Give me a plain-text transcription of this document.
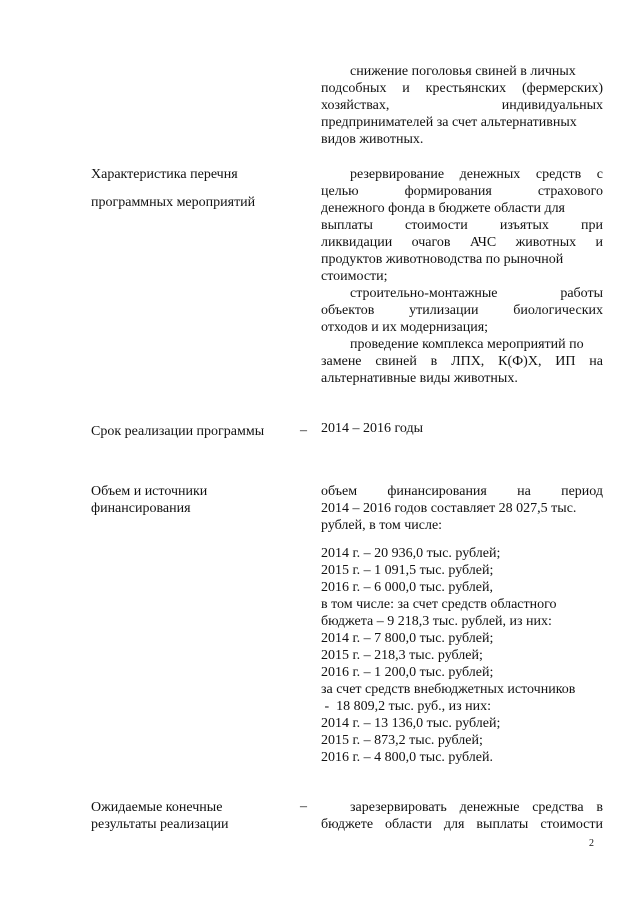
снижение поголовья свиней в личных
подсобных и крестьянских (фермерских)
хозяйствах, индивидуальных
предпринимателей за счет альтернативных
видов животных.
Характеристика перечня
программных мероприятий
резервирование денежных средств с
целью формирования страхового
денежного фонда в бюджете области для
выплаты стоимости изъятых при
ликвидации очагов АЧС животных и
продуктов животноводства по рыночной
стоимости;
строительно-монтажные работы
объектов утилизации биологических
отходов и их модернизация;
проведение комплекса мероприятий по
замене свиней в ЛПХ, К(Ф)Х, ИП на
альтернативные виды животных.
Срок реализации программы	– 2014 – 2016 годы
Объем и источники
финансирования
объем финансирования на период
2014 – 2016 годов составляет 28 027,5 тыс.
рублей, в том числе:
2014 г. – 20 936,0 тыс. рублей;
2015 г. – 1 091,5 тыс. рублей;
2016 г. – 6 000,0 тыс. рублей,
в том числе: за счет средств областного
бюджета – 9 218,3 тыс. рублей, из них:
2014 г. – 7 800,0 тыс. рублей;
2015 г. – 218,3 тыс. рублей;
2016 г. – 1 200,0 тыс. рублей;
за счет средств внебюджетных источников
-  18 809,2 тыс. руб., из них:
2014 г. – 13 136,0 тыс. рублей;
2015 г. – 873,2 тыс. рублей;
2016 г. – 4 800,0 тыс. рублей.
Ожидаемые конечные
результаты реализации
–	зарезервировать денежные средства в
бюджете области для выплаты стоимости
2
